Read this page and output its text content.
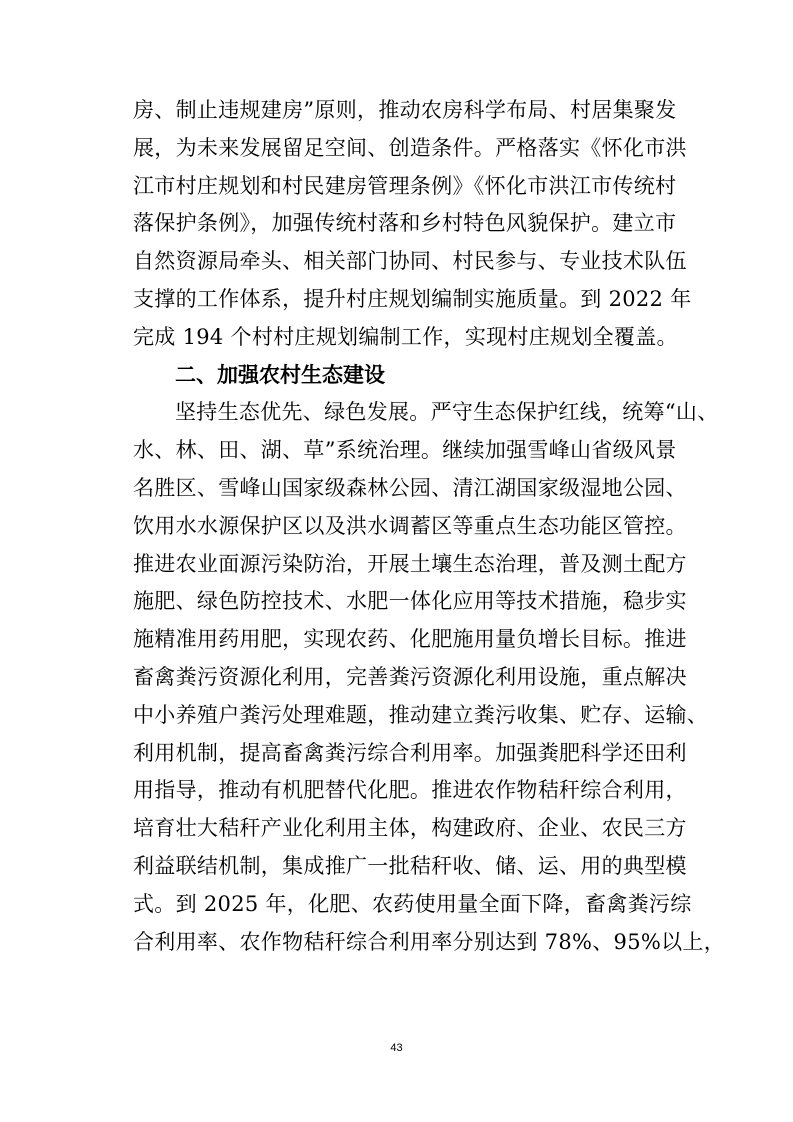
房、制止违规建房”原则，推动农房科学布局、村居集聚发
展，为未来发展留足空间、创造条件。严格落实《怀化市洪
江市村庄规划和村民建房管理条例》《怀化市洪江市传统村
落保护条例》，加强传统村落和乡村特色风貌保护。建立市
自然资源局牵头、相关部门协同、村民参与、专业技术队伍
支撑的工作体系，提升村庄规划编制实施质量。到 2022 年
完成 194 个村村庄规划编制工作，实现村庄规划全覆盖。
二、加强农村生态建设
坚持生态优先、绿色发展。严守生态保护红线，统筹“山、
水、林、田、湖、草”系统治理。继续加强雪峰山省级风景
名胜区、雪峰山国家级森林公园、清江湖国家级湿地公园、
饮用水水源保护区以及洪水调蓄区等重点生态功能区管控。
推进农业面源污染防治，开展土壤生态治理，普及测土配方
施肥、绿色防控技术、水肥一体化应用等技术措施，稳步实
施精准用药用肥，实现农药、化肥施用量负增长目标。推进
畜禽粪污资源化利用，完善粪污资源化利用设施，重点解决
中小养殖户粪污处理难题，推动建立粪污收集、贮存、运输、
利用机制，提高畜禽粪污综合利用率。加强粪肥科学还田利
用指导，推动有机肥替代化肥。推进农作物秸秆综合利用，
培育壮大秸秆产业化利用主体，构建政府、企业、农民三方
利益联结机制，集成推广一批秸秆收、储、运、用的典型模
式。到 2025 年，化肥、农药使用量全面下降，畜禽粪污综
合利用率、农作物秸秆综合利用率分别达到 78%、95%以上，
43
